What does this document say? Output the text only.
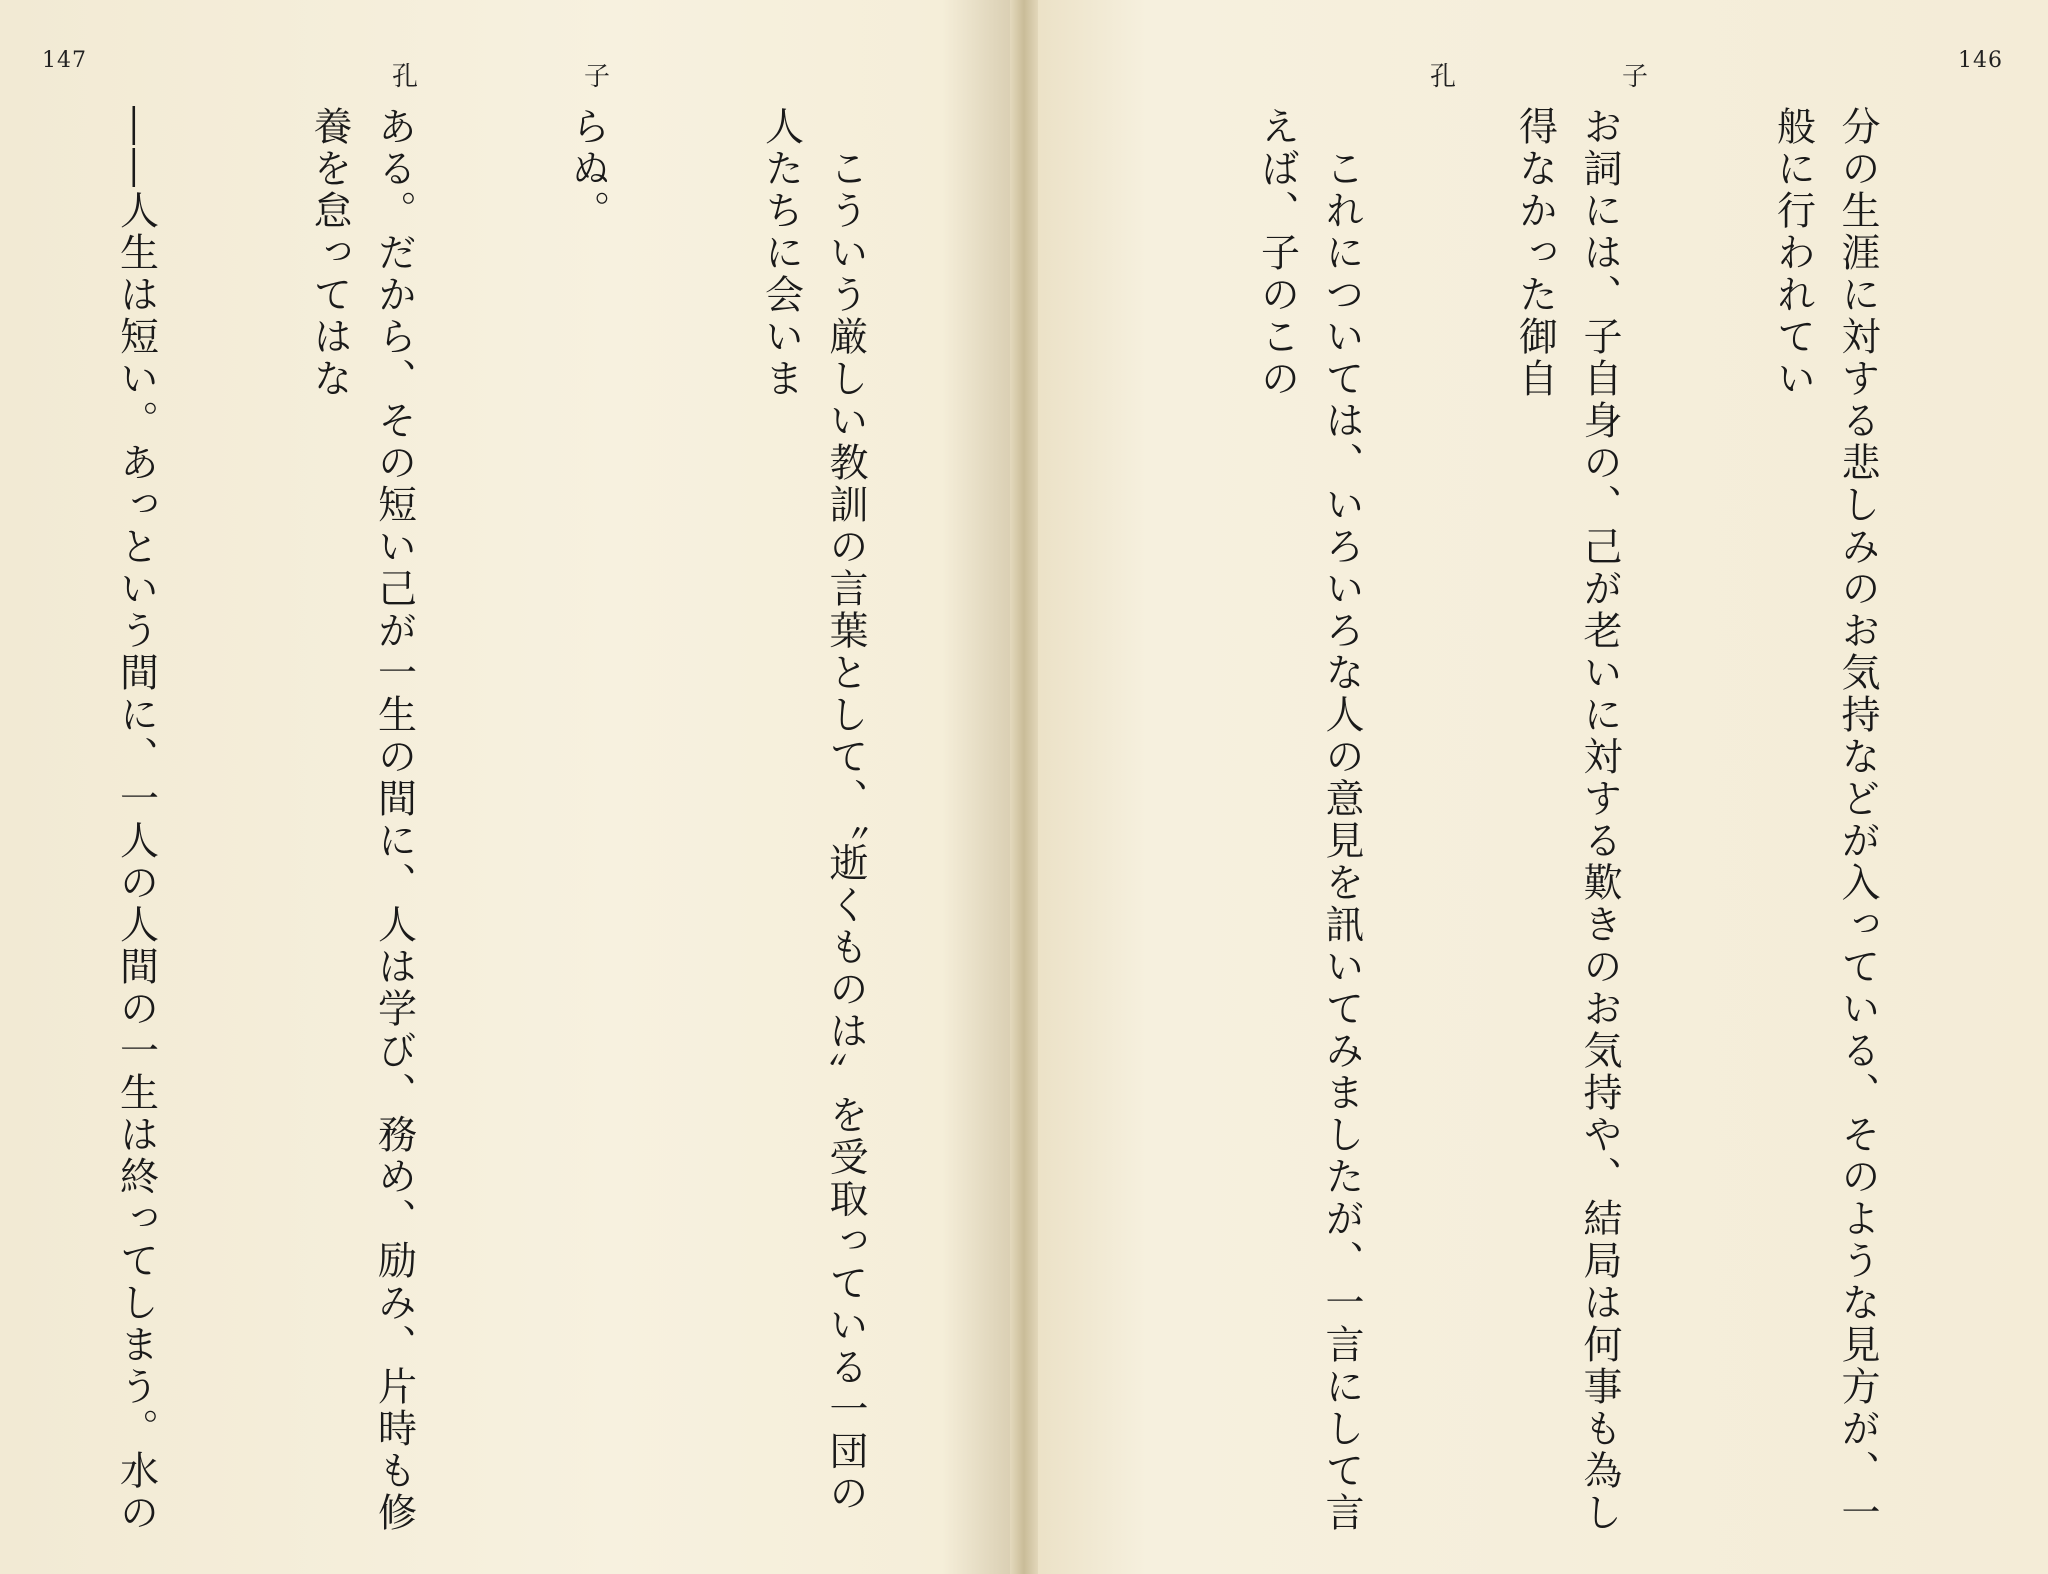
147
孔	子

　こういう厳しい教訓の言葉として、〝逝くものは〟を受取っている一団の人たちに会いま

らぬ。

ある。だから、その短い己が一生の間に、人は学び、務め、励み、片時も修養を怠ってはな

――人生は短い。あっという間に、一人の人間の一生は終ってしまう。水の

146
孔	子

分の生涯に対する悲しみのお気持などが入っている、そのような見方が、一般に行われてい

お詞には、子自身の、己が老いに対する歎きのお気持や、結局は何事も為し得なかった御自

　これについては、いろいろな人の意見を訊いてみましたが、一言にして言えば、子のこの
